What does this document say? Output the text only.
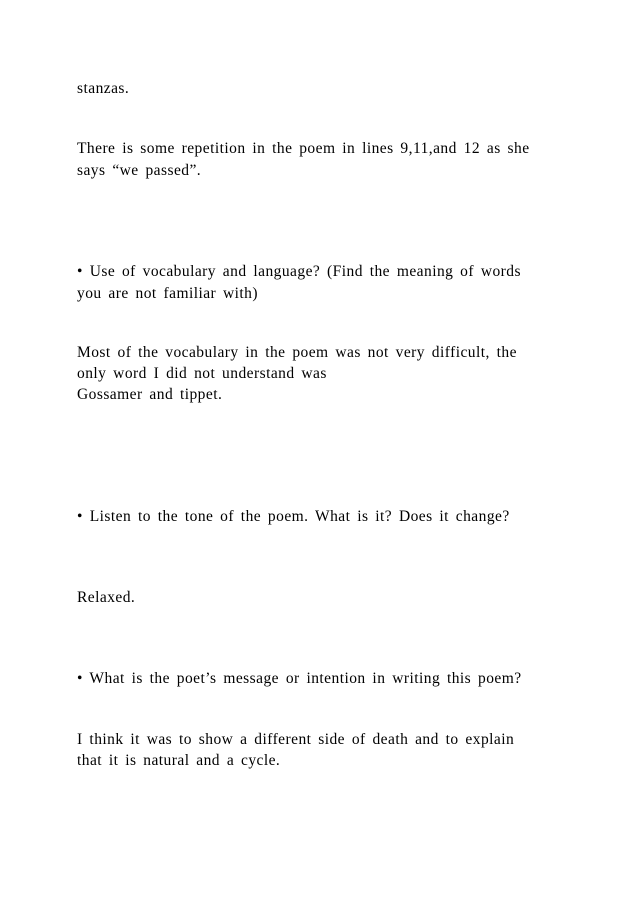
stanzas.
There is some repetition in the poem in lines 9,11,and 12 as she
says “we passed”.
• Use of vocabulary and language? (Find the meaning of words
you are not familiar with)
Most of the vocabulary in the poem was not very difficult, the
only word I did not understand was
Gossamer and tippet.
• Listen to the tone of the poem. What is it? Does it change?
Relaxed.
• What is the poet’s message or intention in writing this poem?
I think it was to show a different side of death and to explain
that it is natural and a cycle.
